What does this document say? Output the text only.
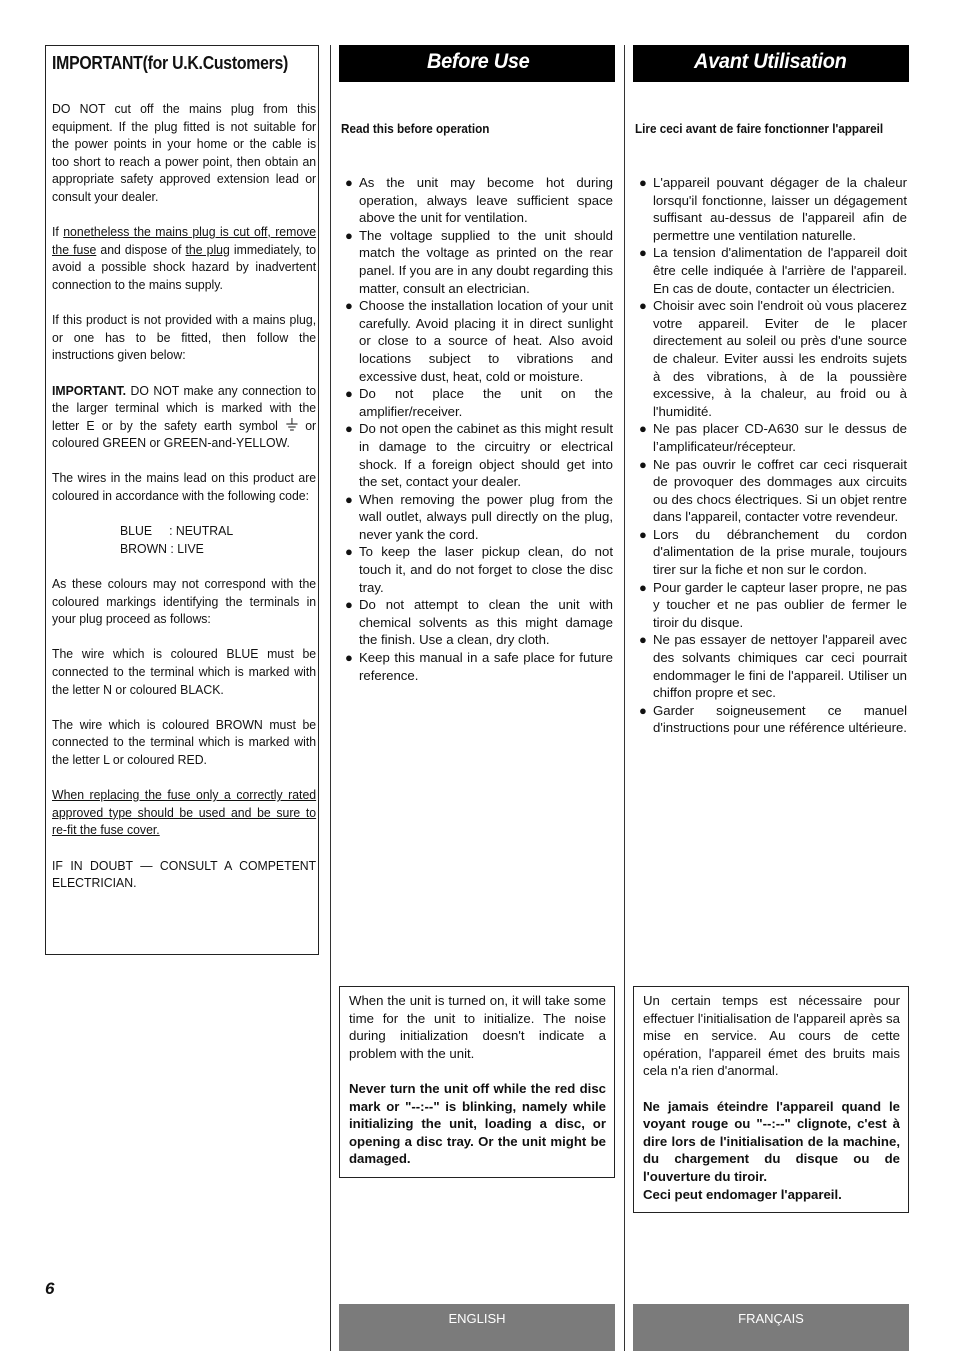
IMPORTANT(for U.K.Customers)

DO NOT cut off the mains plug from this equipment. If the plug fitted is not suitable for the power points in your home or the cable is too short to reach a power point, then obtain an appropriate safety approved extension lead or consult your dealer.

If nonetheless the mains plug is cut off, remove the fuse and dispose of the plug immediately, to avoid a possible shock hazard by inadvertent connection to the mains supply.

If this product is not provided with a mains plug, or one has to be fitted, then follow the instructions given below:

IMPORTANT. DO NOT make any connection to the larger terminal which is marked with the letter E or by the safety earth symbol  or coloured GREEN or GREEN-and-YELLOW.

The wires in the mains lead on this product are coloured in accordance with the following code:

BLUE     : NEUTRAL
BROWN : LIVE

As these colours may not correspond with the coloured markings identifying the terminals in your plug proceed as follows:

The wire which is coloured BLUE must be connected to the terminal which is marked with the letter N or coloured BLACK.

The wire which is coloured BROWN must be connected to the terminal which is marked with the letter L or coloured RED.

When replacing the fuse only a correctly rated approved type should be used and be sure to re-fit the fuse cover.

IF IN DOUBT — CONSULT A COMPETENT ELECTRICIAN.

Before Use
Read this before operation
● As the unit may become hot during operation, always leave sufficient space above the unit for ventilation.
● The voltage supplied to the unit should match the voltage as printed on the rear panel. If you are in any doubt regarding this matter, consult an electrician.
● Choose the installation location of your unit carefully. Avoid placing it in direct sunlight or close to a source of heat. Also avoid locations subject to vibrations and excessive dust, heat, cold or moisture.
● Do not place the unit on the amplifier/receiver.
● Do not open the cabinet as this might result in damage to the circuitry or electrical shock. If a foreign object should get into the set, contact your dealer.
● When removing the power plug from the wall outlet, always pull directly on the plug, never yank the cord.
● To keep the laser pickup clean, do not touch it, and do not forget to close the disc tray.
● Do not attempt to clean the unit with chemical solvents as this might damage the finish. Use a clean, dry cloth.
● Keep this manual in a safe place for future reference.

When the unit is turned on, it will take some time for the unit to initialize. The noise during initialization doesn't indicate a problem with the unit.

Never turn the unit off while the red disc mark or "--:--" is blinking, namely while initializing the unit, loading a disc, or opening a disc tray. Or the unit might be damaged.

Avant Utilisation
Lire ceci avant de faire fonctionner l'appareil
● L'appareil pouvant dégager de la chaleur lorsqu'il fonctionne, laisser un dégagement suffisant au-dessus de l'appareil afin de permettre une ventilation naturelle.
● La tension d'alimentation de l'appareil doit être celle indiquée à l'arrière de l'appareil. En cas de doute, contacter un électricien.
● Choisir avec soin l'endroit où vous placerez votre appareil. Eviter de le placer directement au soleil ou près d'une source de chaleur. Eviter aussi les endroits sujets à des vibrations, à de la poussière excessive, à la chaleur, au froid ou à l'humidité.
● Ne pas placer CD-A630 sur le dessus de l’amplificateur/récepteur.
● Ne pas ouvrir le coffret car ceci risquerait de provoquer des dommages aux circuits ou des chocs électriques. Si un objet rentre dans l'appareil, contacter votre revendeur.
● Lors du débranchement du cordon d'alimentation de la prise murale, toujours tirer sur la fiche et non sur le cordon.
● Pour garder le capteur laser propre, ne pas y toucher et ne pas oublier de fermer le tiroir du disque.
● Ne pas essayer de nettoyer l'appareil avec des solvants chimiques car ceci pourrait endommager le fini de l'appareil. Utiliser un chiffon propre et sec.
● Garder soigneusement ce manuel d'instructions pour une référence ultérieure.

Un certain temps est nécessaire pour effectuer l'initialisation de l'appareil après sa mise en service. Au cours de cette opération, l'appareil émet des bruits mais cela n'a rien d'anormal.

Ne jamais éteindre l'appareil quand le voyant rouge ou "--:--" clignote, c'est à dire lors de l'initialisation de la machine, du chargement du disque ou de l'ouverture du tiroir.

Ceci peut endomager l'appareil.

6
ENGLISH	FRANÇAIS
